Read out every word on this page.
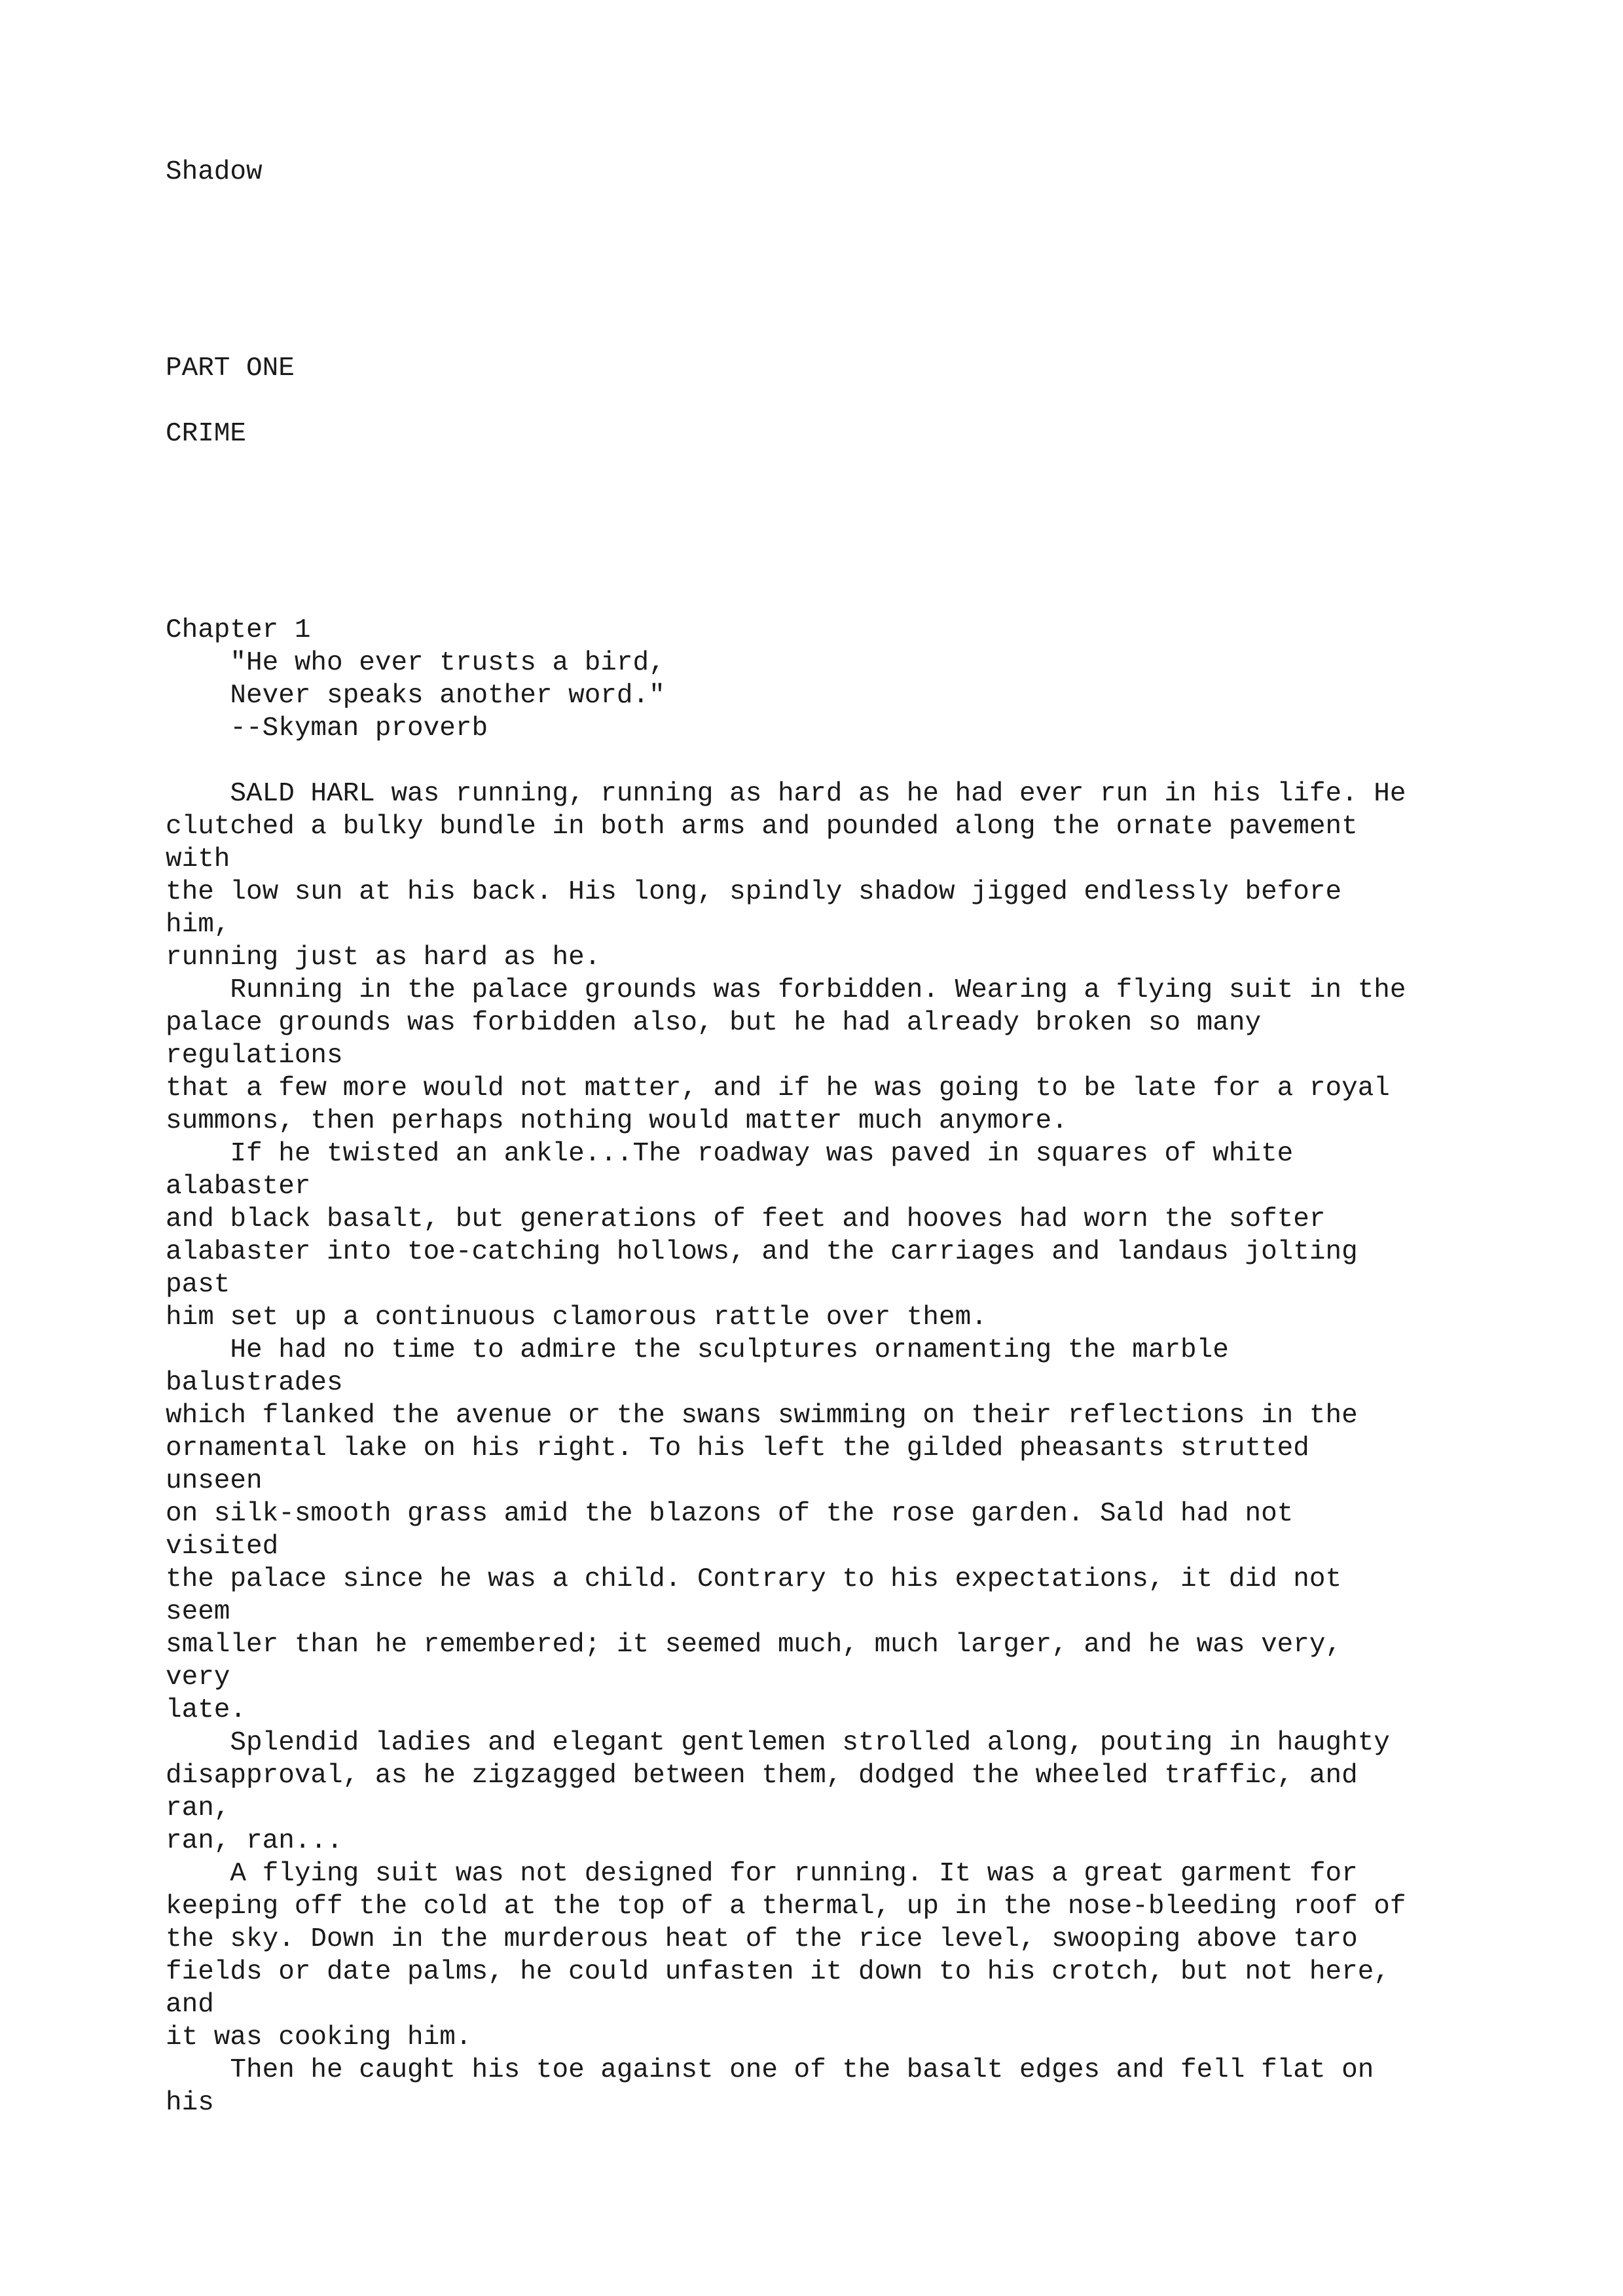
Shadow

PART ONE

CRIME

Chapter 1

"He who ever trusts a bird,

Never speaks another word."

--Skyman proverb

SALD HARL was running, running as hard as he had ever run in his life. He

clutched a bulky bundle in both arms and pounded along the ornate pavement

with

the low sun at his back. His long, spindly shadow jigged endlessly before

him,

running just as hard as he.

Running in the palace grounds was forbidden. Wearing a flying suit in the

palace grounds was forbidden also, but he had already broken so many

regulations

that a few more would not matter, and if he was going to be late for a royal

summons, then perhaps nothing would matter much anymore.

If he twisted an ankle...The roadway was paved in squares of white

alabaster

and black basalt, but generations of feet and hooves had worn the softer

alabaster into toe-catching hollows, and the carriages and landaus jolting

past

him set up a continuous clamorous rattle over them.

He had no time to admire the sculptures ornamenting the marble

balustrades

which flanked the avenue or the swans swimming on their reflections in the

ornamental lake on his right. To his left the gilded pheasants strutted

unseen

on silk-smooth grass amid the blazons of the rose garden. Sald had not

visited

the palace since he was a child. Contrary to his expectations, it did not

seem

smaller than he remembered; it seemed much, much larger, and he was very,

very

late.

Splendid ladies and elegant gentlemen strolled along, pouting in haughty

disapproval, as he zigzagged between them, dodged the wheeled traffic, and

ran,

ran, ran...

A flying suit was not designed for running. It was a great garment for

keeping off the cold at the top of a thermal, up in the nose-bleeding roof of

the sky. Down in the murderous heat of the rice level, swooping above taro

fields or date palms, he could unfasten it down to his crotch, but not here,

and

it was cooking him.

Then he caught his toe against one of the basalt edges and fell flat on

his
